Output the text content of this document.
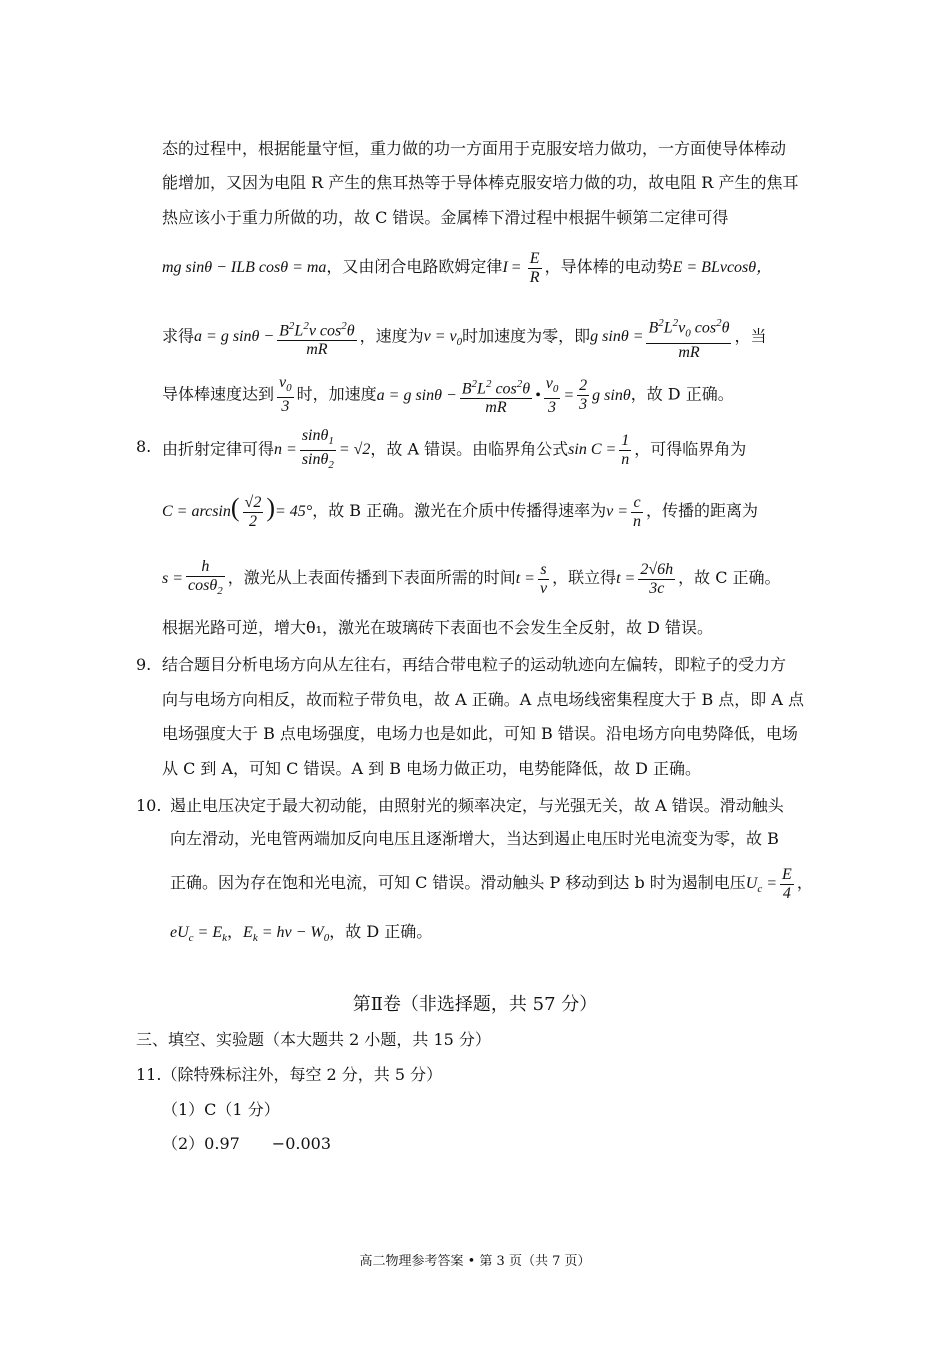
态的过程中，根据能量守恒，重力做的功一方面用于克服安培力做功，一方面使导体棒动
能增加，又因为电阻 R 产生的焦耳热等于导体棒克服安培力做的功，故电阻 R 产生的焦耳
热应该小于重力所做的功，故 C 错误。金属棒下滑过程中根据牛顿第二定律可得
mg sinθ − ILB cosθ = ma，又由闭合电路欧姆定律$I = \frac{E}{R}$ ，导体棒的电动势E = BLvcosθ，
求得a = g $\sin\theta - \frac{B^2L^2v \cos^2\theta}{mR}$ ，速度为$v = v_0$时加速度为零，即g $\sin\theta = \frac{B^2L^2v_0 \cos^2\theta}{mR}$ ，当
导体棒速度达到 $\frac{v_0}{3}$ 时，加速度a = g $\sin\theta - \frac{B^2L^2 \cos^2\theta}{mR}$ • $\frac{v_0}{3} = \frac{2}{3}$ g sinθ，故 D 正确。
8. 由折射定律可得$n = \frac{\sin\theta_1}{\sin\theta_2} = √2$，故 A 错误。由临界角公式$\sin C = \frac{1}{n}$ ，可得临界角为
$C = \arcsin( \frac{√2}{2}$ )= 45°，故 B 正确。激光在介质中传播得速率为$v = \frac{c}{n}$ ，传播的距离为
$s = \frac{h}{\cos\theta_2}$ ，激光从上表面传播到下表面所需的时间$t = \frac{s}{v}$ ，联立得$t = \frac{2√6h}{3c}$ ，故 C 正确。
根据光路可逆，增大θ₁，激光在玻璃砖下表面也不会发生全反射，故 D 错误。
9. 结合题目分析电场方向从左往右，再结合带电粒子的运动轨迹向左偏转，即粒子的受力方
向与电场方向相反，故而粒子带负电，故 A 正确。A 点电场线密集程度大于 B 点，即 A 点
电场强度大于 B 点电场强度，电场力也是如此，可知 B 错误。沿电场方向电势降低，电场
从 C 到 A，可知 C 错误。A 到 B 电场力做正功，电势能降低，故 D 正确。
10. 遏止电压决定于最大初动能，由照射光的频率决定，与光强无关，故 A 错误。滑动触头
向左滑动，光电管两端加反向电压且逐渐增大，当达到遏止电压时光电流变为零，故 B
正确。因为存在饱和光电流，可知 C 错误。滑动触头 P 移动到达 b 时为遏制电压$U_c = \frac{E}{4}$ ，
$eU_c = E_k$，$E_k = h\nu - W_0$，故 D 正确。
第Ⅱ卷（非选择题，共 57 分）
三、填空、实验题（本大题共 2 小题，共 15 分）
11.（除特殊标注外，每空 2 分，共 5 分）
（1）C（1 分）
（2）0.97　　−0.003
高二物理参考答案 • 第 3 页（共 7 页）
